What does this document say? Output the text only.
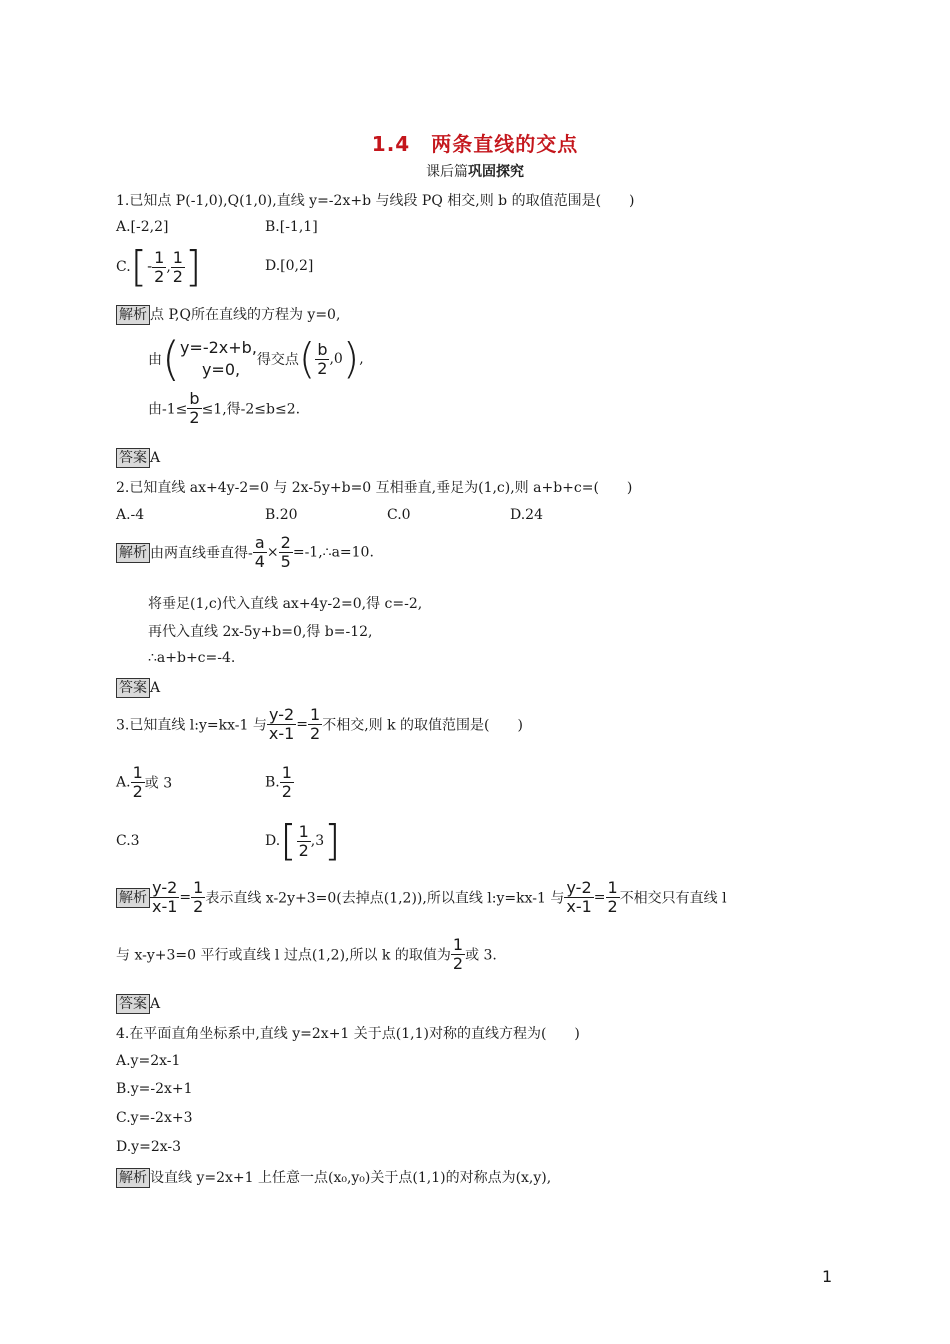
1.4　两条直线的交点
课后篇巩固探究
1.已知点 P(-1,0),Q(1,0),直线 y=-2x+b 与线段 PQ 相交,则 b 的取值范围是(　　)
A.[-2,2]	B.[-1,1]
$C.[- \frac{1}{2}$ , $\frac{1}{2}$ ]	D.[0,2]
解析 点 P,Q所在直线的方程为 y=0,
由( y=-2x+b,
y=0,	得交点( $\frac{b}{2} ,0$),
由$-1\le \frac{b}{2} \le 1$,得-2≤b≤2.
答案 A
2.已知直线 ax+4y-2=0 与 2x-5y+b=0 互相垂直,垂足为(1,c),则 a+b+c=(　　)
A.-4	B.20	C.0	D.24
解析 由两直线垂直得- $\frac{a}{4} \times \frac{2}{5}$ =-1,∴a=10.
将垂足(1,c)代入直线 ax+4y-2=0,得 c=-2,
再代入直线 2x-5y+b=0,得 b=-12,
∴a+b+c=-4.
答案 A
3.已知直线 l:y=kx-1 与 $\frac{y-2}{x-1} = \frac{1}{2}$ 不相交,则 k 的取值范围是(　　)
A. $\frac{1}{2}$ 或 3	B. $\frac{1}{2}$
C.3	$D.[ \frac{1}{2} ,3]$
解析 $\frac{y-2}{x-1} = \frac{1}{2}$ 表示直线 x-2y+3=0(去掉点(1,2)),所以直线 l:y=kx-1 与 $\frac{y-2}{x-1} = \frac{1}{2}$ 不相交只有直线 l
与 x-y+3=0 平行或直线 l 过点(1,2),所以 k 的取值为 $\frac{1}{2}$ 或 3.
答案 A
4.在平面直角坐标系中,直线 y=2x+1 关于点(1,1)对称的直线方程为(　　)
A.y=2x-1
B.y=-2x+1
C.y=-2x+3
D.y=2x-3
解析 设直线 y=2x+1 上任意一点(x₀,y₀)关于点(1,1)的对称点为(x,y),
1
